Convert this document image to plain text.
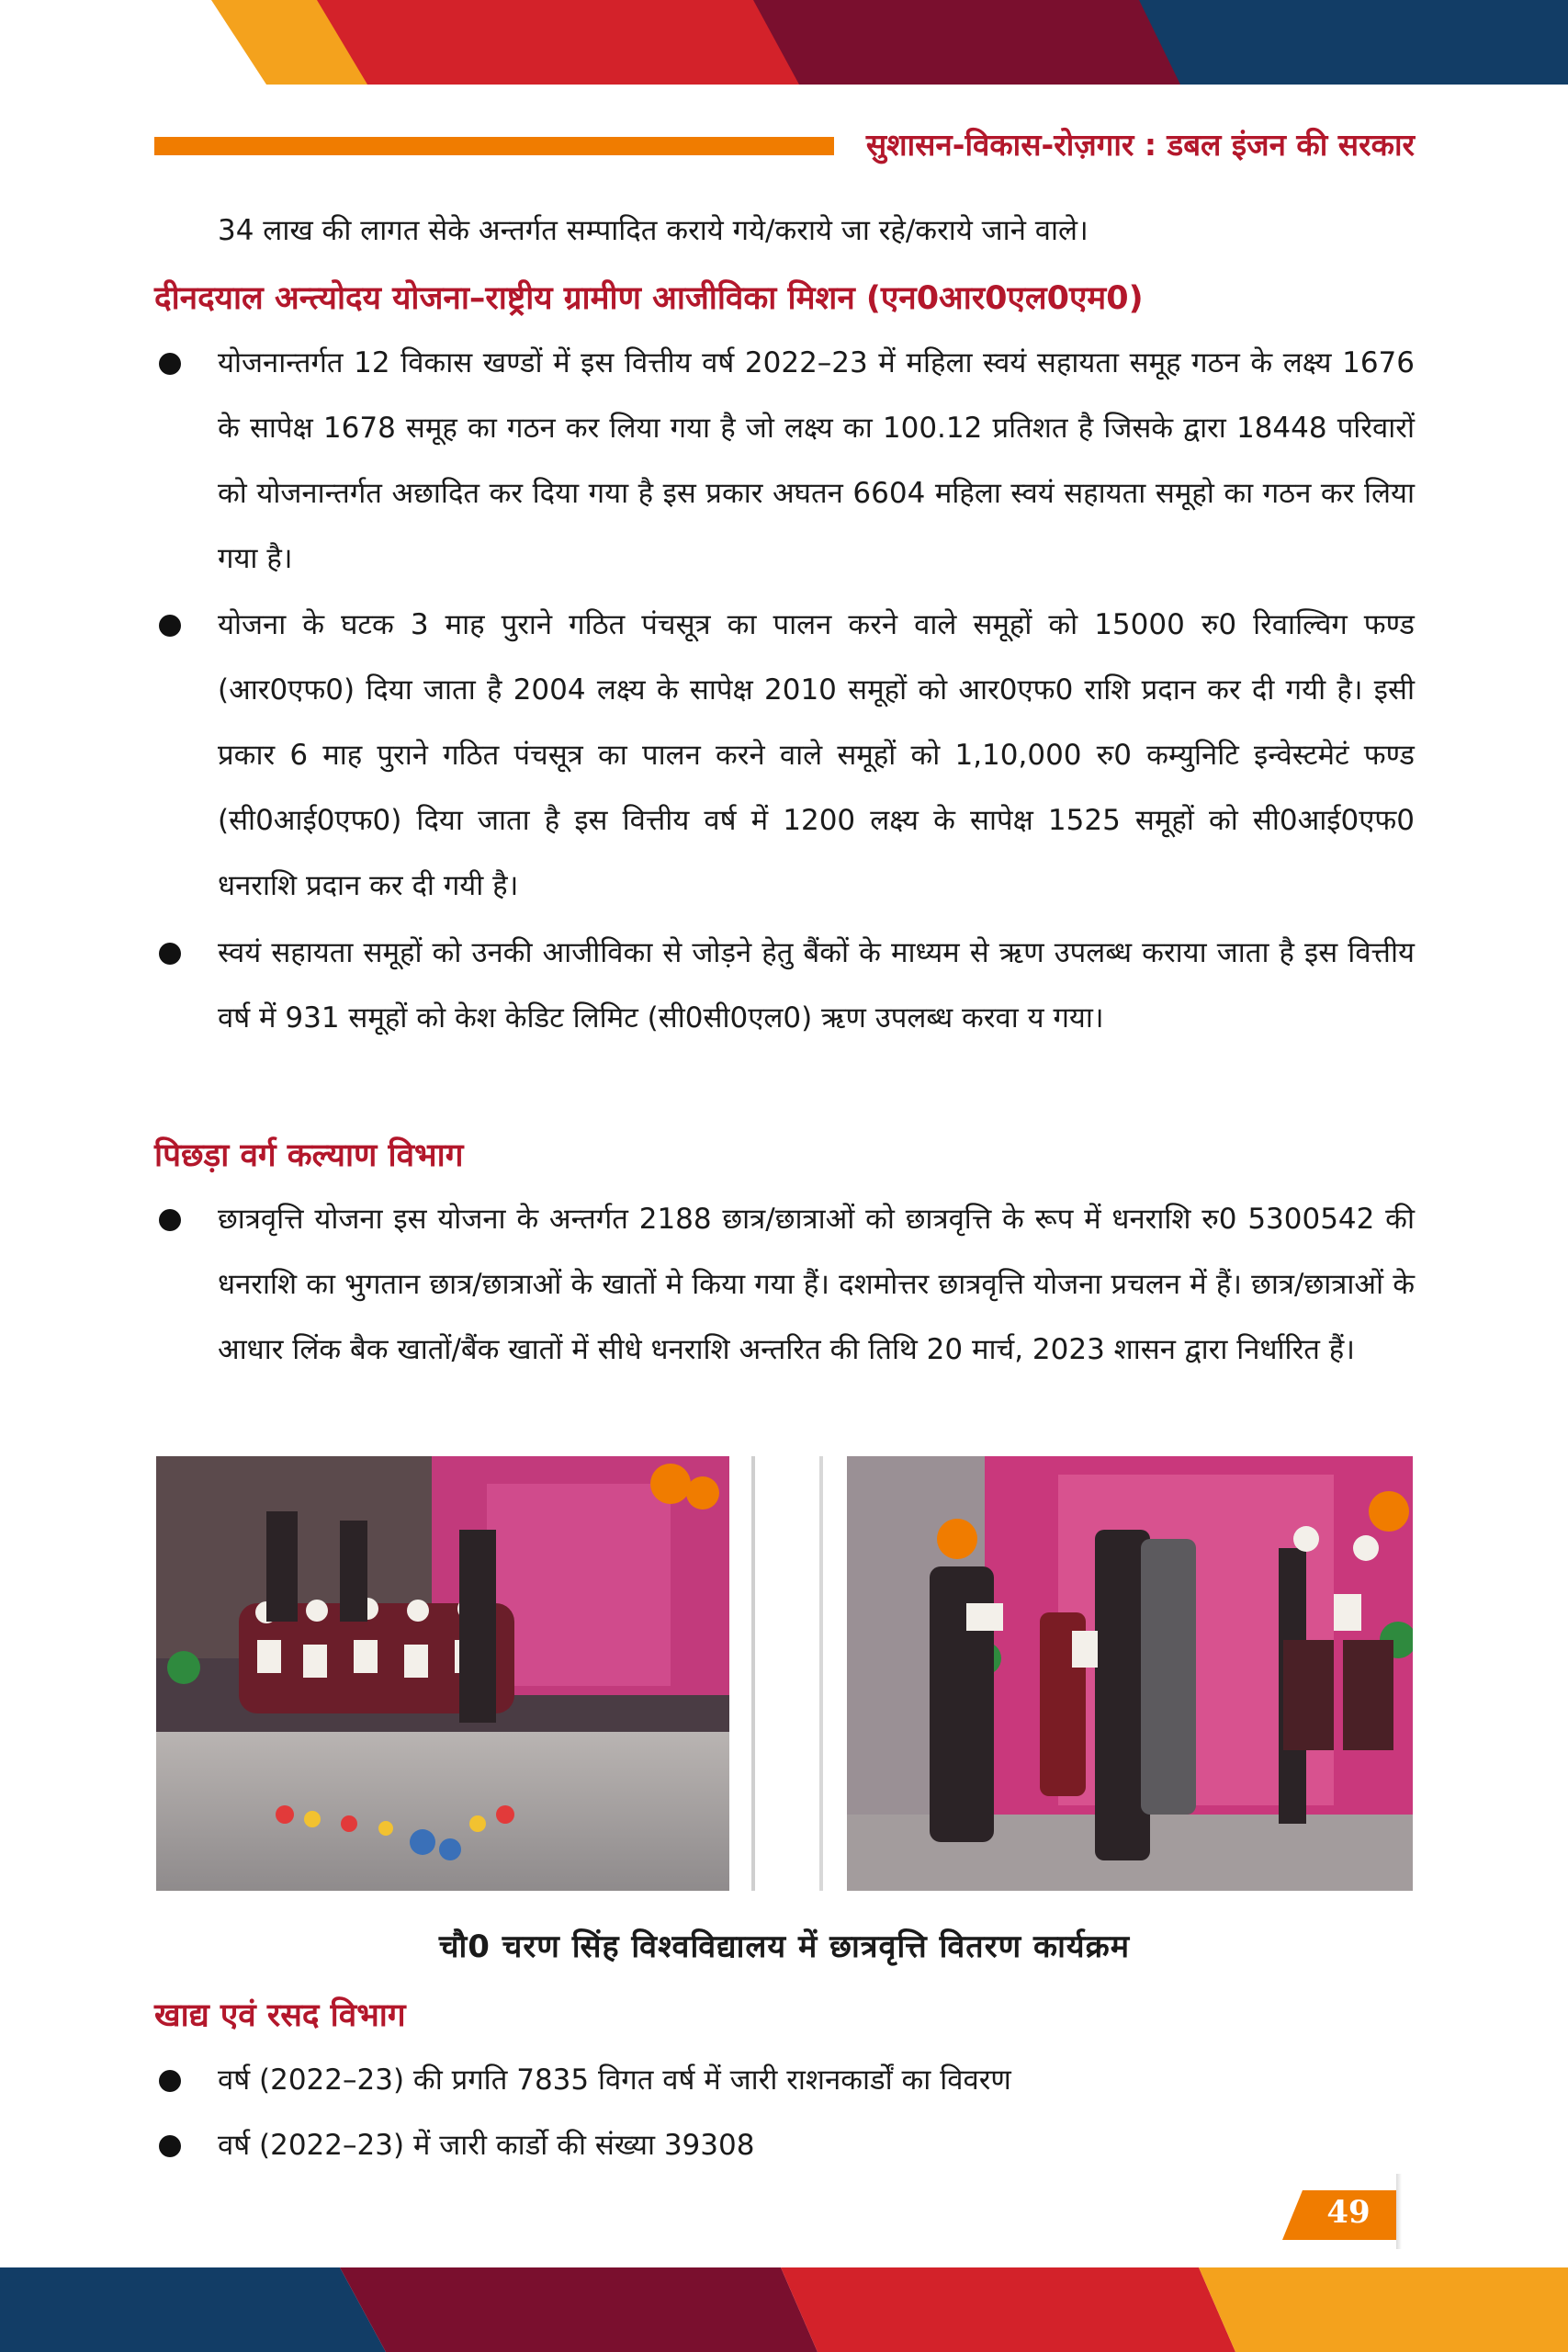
सुशासन-विकास-रोज़गार : डबल इंजन की सरकार
34 लाख की लागत सेके अन्तर्गत सम्पादित कराये गये/कराये जा रहे/कराये जाने वाले।
दीनदयाल अन्त्योदय योजना–राष्ट्रीय ग्रामीण आजीविका मिशन (एन0आर0एल0एम0)
योजनान्तर्गत 12 विकास खण्डों में इस वित्तीय वर्ष 2022–23 में महिला स्वयं सहायता समूह गठन के लक्ष्य 1676 के सापेक्ष 1678 समूह का गठन कर लिया गया है जो लक्ष्य का 100.12 प्रतिशत है जिसके द्वारा 18448 परिवारों को योजनान्तर्गत अछादित कर दिया गया है इस प्रकार अघतन 6604 महिला स्वयं सहायता समूहो का गठन कर लिया गया है।
योजना के घटक 3 माह पुराने गठित पंचसूत्र का पालन करने वाले समूहों को 15000 रु0 रिवाल्विग फण्ड (आर0एफ0) दिया जाता है 2004 लक्ष्य के सापेक्ष 2010 समूहों को आर0एफ0 राशि प्रदान कर दी गयी है। इसी प्रकार 6 माह पुराने गठित पंचसूत्र का पालन करने वाले समूहों को 1,10,000 रु0 कम्युनिटि इन्वेस्टमेटं फण्ड (सी0आई0एफ0) दिया जाता है इस वित्तीय वर्ष में 1200 लक्ष्य के सापेक्ष 1525 समूहों को सी0आई0एफ0 धनराशि प्रदान कर दी गयी है।
स्वयं सहायता समूहों को उनकी आजीविका से जोड़ने हेतु बैंकों के माध्यम से ऋण उपलब्ध कराया जाता है इस वित्तीय वर्ष में 931 समूहों को केश केडिट लिमिट (सी0सी0एल0) ऋण उपलब्ध करवा य गया।
पिछड़ा वर्ग कल्याण विभाग
छात्रवृत्ति योजना इस योजना के अन्तर्गत 2188 छात्र/छात्राओं को छात्रवृत्ति के रूप में धनराशि रु0 5300542 की धनराशि का भुगतान छात्र/छात्राओं के खातों मे किया गया हैं। दशमोत्तर छात्रवृत्ति योजना प्रचलन में हैं। छात्र/छात्राओं के आधार लिंक बैक खातों/बैंक खातों में सीधे धनराशि अन्तरित की तिथि 20 मार्च, 2023 शासन द्वारा निर्धारित हैं।
चौ0 चरण सिंह विश्वविद्यालय में छात्रवृत्ति वितरण कार्यक्रम
खाद्य एवं रसद विभाग
वर्ष (2022–23) की प्रगति 7835 विगत वर्ष में जारी राशनकार्डों का विवरण
वर्ष (2022–23) में जारी कार्डो की संख्या 39308
49
